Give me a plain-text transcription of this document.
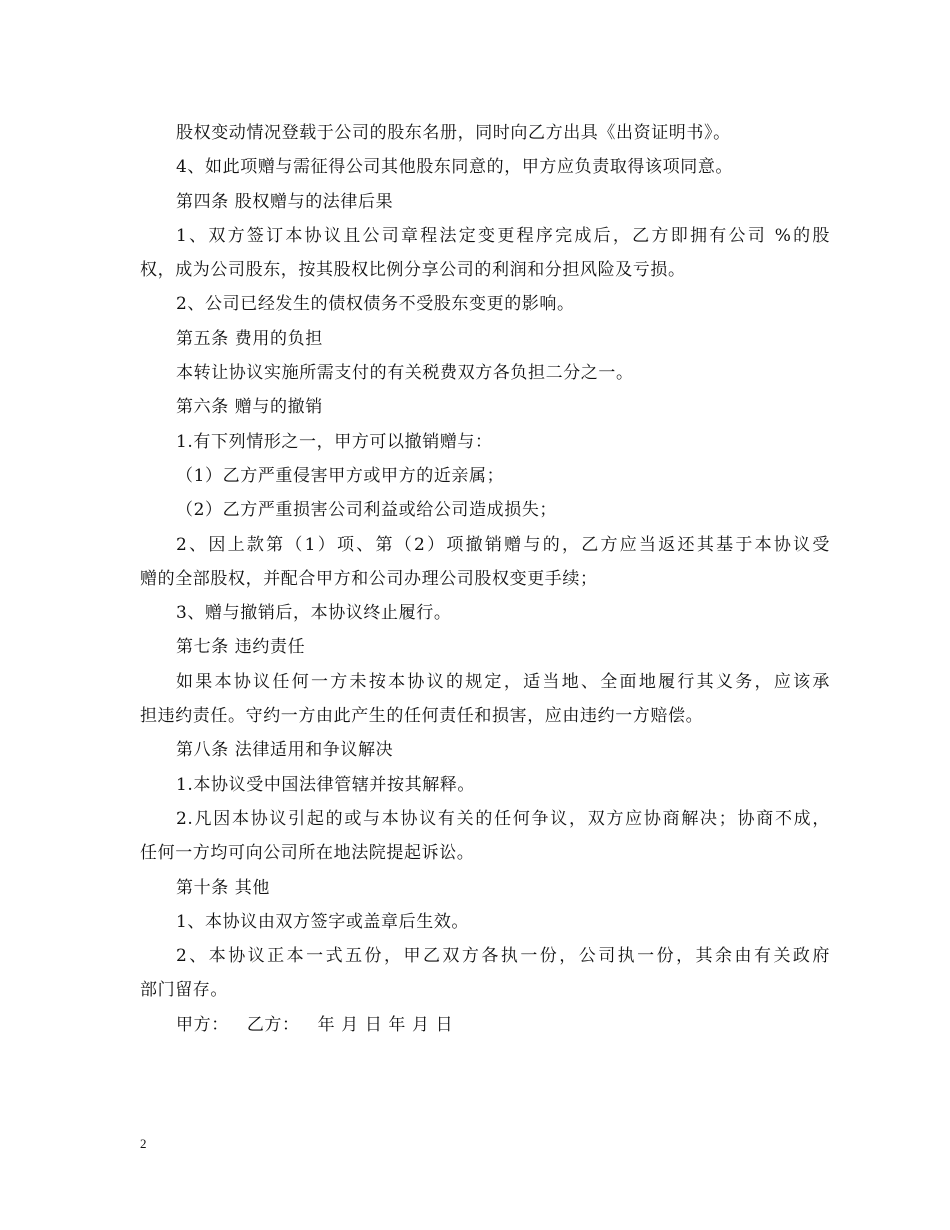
股权变动情况登载于公司的股东名册，同时向乙方出具《出资证明书》。
4、如此项赠与需征得公司其他股东同意的，甲方应负责取得该项同意。
第四条 股权赠与的法律后果
1、双方签订本协议且公司章程法定变更程序完成后，乙方即拥有公司 %的股
权，成为公司股东，按其股权比例分享公司的利润和分担风险及亏损。
2、公司已经发生的债权债务不受股东变更的影响。
第五条 费用的负担
本转让协议实施所需支付的有关税费双方各负担二分之一。
第六条 赠与的撤销
1.有下列情形之一，甲方可以撤销赠与：
（1）乙方严重侵害甲方或甲方的近亲属；
（2）乙方严重损害公司利益或给公司造成损失；
2、因上款第（1）项、第（2）项撤销赠与的，乙方应当返还其基于本协议受
赠的全部股权，并配合甲方和公司办理公司股权变更手续；
3、赠与撤销后，本协议终止履行。
第七条 违约责任
如果本协议任何一方未按本协议的规定，适当地、全面地履行其义务，应该承
担违约责任。守约一方由此产生的任何责任和损害，应由违约一方赔偿。
第八条 法律适用和争议解决
1.本协议受中国法律管辖并按其解释。
2.凡因本协议引起的或与本协议有关的任何争议，双方应协商解决；协商不成，
任何一方均可向公司所在地法院提起诉讼。
第十条 其他
1、本协议由双方签字或盖章后生效。
2、本协议正本一式五份，甲乙双方各执一份，公司执一份，其余由有关政府
部门留存。
甲方： 乙方： 年 月 日 年 月 日
2
